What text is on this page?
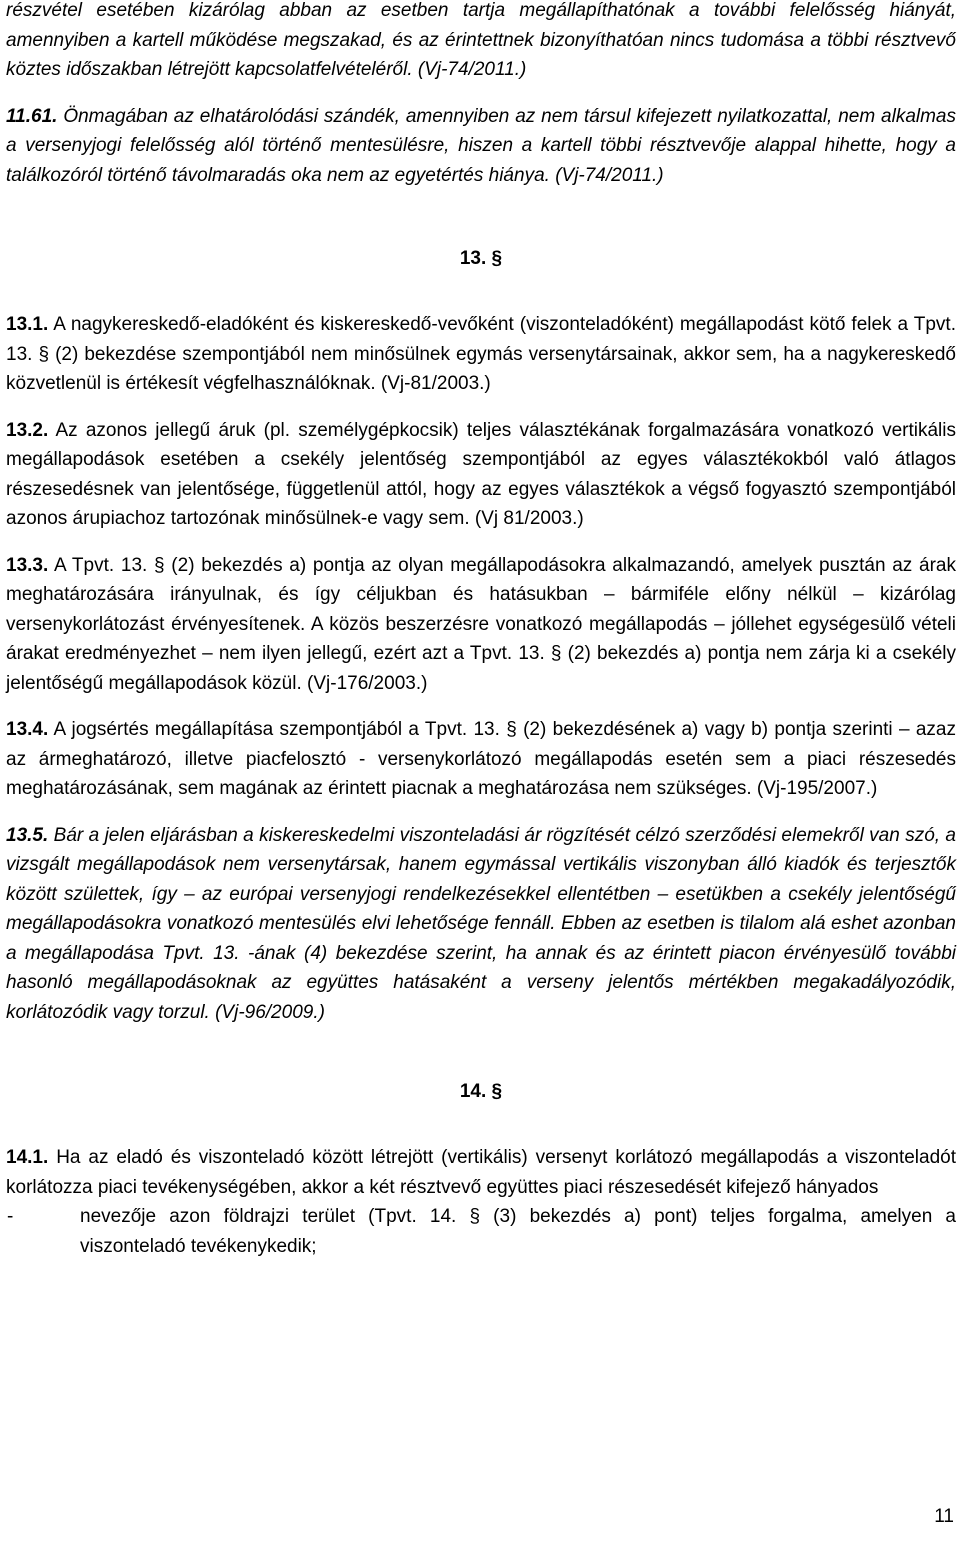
részvétel esetében kizárólag abban az esetben tartja megállapíthatónak a további felelősség hiányát, amennyiben a kartell működése megszakad, és az érintettnek bizonyíthatóan nincs tudomása a többi résztvevő köztes időszakban létrejött kapcsolatfelvételéről. (Vj-74/2011.)

11.61. Önmagában az elhatárolódási szándék, amennyiben az nem társul kifejezett nyilatkozattal, nem alkalmas a versenyjogi felelősség alól történő mentesülésre, hiszen a kartell többi résztvevője alappal hihette, hogy a találkozóról történő távolmaradás oka nem az egyetértés hiánya. (Vj-74/2011.)

13. §

13.1. A nagykereskedő-eladóként és kiskereskedő-vevőként (viszonteladóként) megállapodást kötő felek a Tpvt. 13. § (2) bekezdése szempontjából nem minősülnek egymás versenytársainak, akkor sem, ha a nagykereskedő közvetlenül is értékesít végfelhasználóknak. (Vj-81/2003.)

13.2. Az azonos jellegű áruk (pl. személygépkocsik) teljes választékának forgalmazására vonatkozó vertikális megállapodások esetében a csekély jelentőség szempontjából az egyes választékokból való átlagos részesedésnek van jelentősége, függetlenül attól, hogy az egyes választékok a végső fogyasztó szempontjából azonos árupiachoz tartozónak minősülnek-e vagy sem. (Vj 81/2003.)

13.3. A Tpvt. 13. § (2) bekezdés a) pontja az olyan megállapodásokra alkalmazandó, amelyek pusztán az árak meghatározására irányulnak, és így céljukban és hatásukban – bármiféle előny nélkül – kizárólag versenykorlátozást érvényesítenek. A közös beszerzésre vonatkozó megállapodás – jóllehet egységesülő vételi árakat eredményezhet – nem ilyen jellegű, ezért azt a Tpvt. 13. § (2) bekezdés a) pontja nem zárja ki a csekély jelentőségű megállapodások közül. (Vj-176/2003.)

13.4. A jogsértés megállapítása szempontjából a Tpvt. 13. § (2) bekezdésének a) vagy b) pontja szerinti – azaz az ármeghatározó, illetve piacfelosztó - versenykorlátozó megállapodás esetén sem a piaci részesedés meghatározásának, sem magának az érintett piacnak a meghatározása nem szükséges. (Vj-195/2007.)

13.5. Bár a jelen eljárásban a kiskereskedelmi viszonteladási ár rögzítését célzó szerződési elemekről van szó, a vizsgált megállapodások nem versenytársak, hanem egymással vertikális viszonyban álló kiadók és terjesztők között születtek, így – az európai versenyjogi rendelkezésekkel ellentétben – esetükben a csekély jelentőségű megállapodásokra vonatkozó mentesülés elvi lehetősége fennáll. Ebben az esetben is tilalom alá eshet azonban a megállapodása Tpvt. 13. -ának (4) bekezdése szerint, ha annak és az érintett piacon érvényesülő további hasonló megállapodásoknak az együttes hatásaként a verseny jelentős mértékben megakadályozódik, korlátozódik vagy torzul. (Vj-96/2009.)

14. §

14.1. Ha az eladó és viszonteladó között létrejött (vertikális) versenyt korlátozó megállapodás a viszonteladót korlátozza piaci tevékenységében, akkor a két résztvevő együttes piaci részesedését kifejező hányados

-	nevezője azon földrajzi terület (Tpvt. 14. § (3) bekezdés a) pont) teljes forgalma, amelyen a viszonteladó tevékenykedik;
11
